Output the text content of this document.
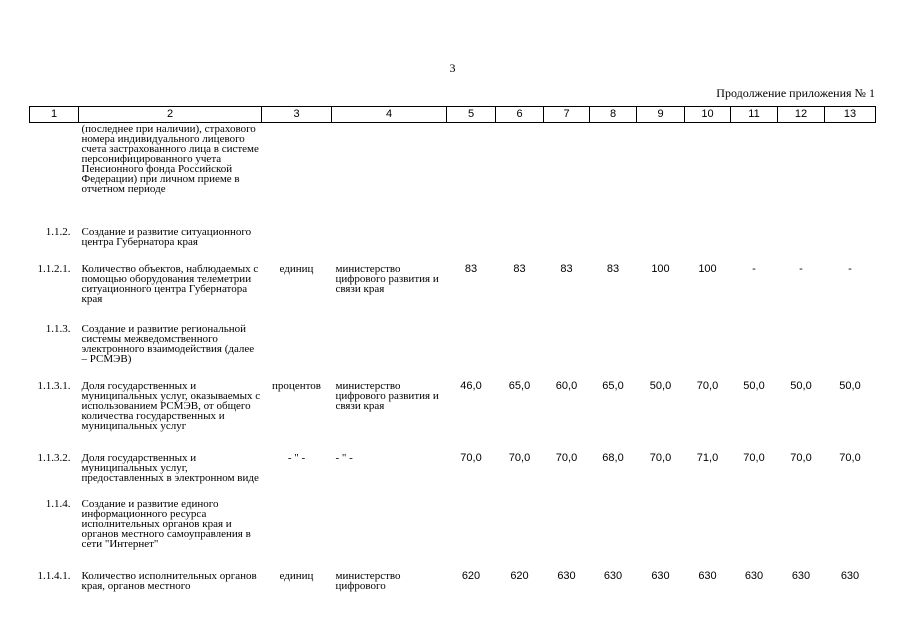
3
Продолжение приложения № 1
1	2	3	4	5	6	7	8	9	10	11	12	13
	(последнее при наличии), страхового номера индивидуального лицевого счета застрахованного лица в системе персонифицированного учета Пенсионного фонда Российской Федерации) при личном приеме в отчетном периоде											
1.1.2.	Создание и развитие ситуационного центра Губернатора края											
1.1.2.1.	Количество объектов, наблюдаемых с помощью оборудования телеметрии ситуационного центра Губернатора края	единиц	министерство цифрового развития и связи края	83	83	83	83	100	100	-	-	-
1.1.3.	Создание и развитие региональной системы межведомственного электронного взаимодействия (далее – РСМЭВ)											
1.1.3.1.	Доля государственных и муниципальных услуг, оказываемых с использованием РСМЭВ, от общего количества государственных и муниципальных услуг	процентов	министерство цифрового развития и связи края	46,0	65,0	60,0	65,0	50,0	70,0	50,0	50,0	50,0
1.1.3.2.	Доля государственных и муниципальных услуг, предоставленных в электронном виде	- " -	- " -	70,0	70,0	70,0	68,0	70,0	71,0	70,0	70,0	70,0
1.1.4.	Создание и развитие единого информационного ресурса исполнительных органов края и органов местного самоуправления в сети "Интернет"											
1.1.4.1.	Количество исполнительных органов края, органов местного	единиц	министерство цифрового	620	620	630	630	630	630	630	630	630
